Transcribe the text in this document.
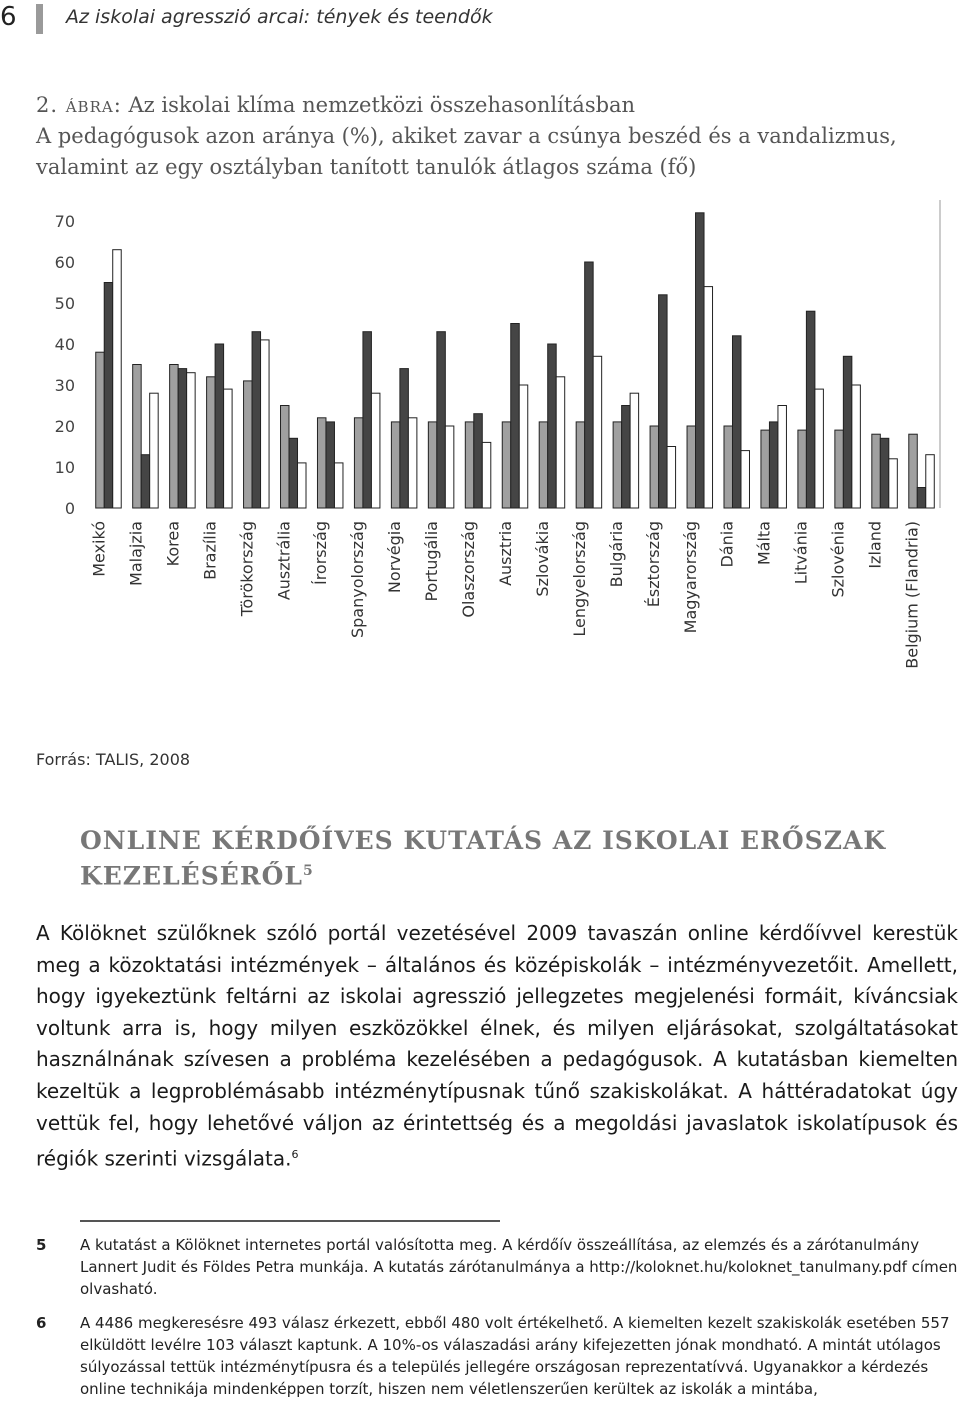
6	Az iskolai agresszió arcai: tények és teendők
2. ábra: Az iskolai klíma nemzetközi összehasonlításban
A pedagógusok azon aránya (%), akiket zavar a csúnya beszéd és a vandalizmus,
valamint az egy osztályban tanított tanulók átlagos száma (fő)
0
10
20
30
40
50
60
70
Mexikó Malajzia Korea Brazília Törökország Ausztrália Írország Spanyolország Norvégia Portugália Olaszország Ausztria Szlovákia Lengyelország Bulgária Észtország Magyarország Dánia Málta Litvánia Szlovénia Izland Belgium (Flandria)
Forrás: TALIS, 2008
ONLINE KÉRDŐÍVES KUTATÁS AZ ISKOLAI ERŐSZAK KEZELÉSÉRŐL$^5$
A Kölöknet szülőknek szóló portál vezetésével 2009 tavaszán online kérdőívvel kerestük meg a közoktatási intézmények – általános és középiskolák – intézményvezetőit. Amellett, hogy igyekeztünk feltárni az iskolai agresszió jellegzetes megjelenési formáit, kíváncsiak voltunk arra is, hogy milyen eszközökkel élnek, és milyen eljárásokat, szolgáltatásokat használnának szívesen a probléma kezelésében a pedagógusok. A kutatásban kiemelten kezeltük a legproblémásabb intézménytípusnak tűnő szakiskolákat. A háttéradatokat úgy vettük fel, hogy lehetővé váljon az érintettség és a megoldási javaslatok iskolatípusok és régiók szerinti vizsgálata.$^6$
5 A kutatást a Kölöknet internetes portál valósította meg. A kérdőív összeállítása, az elemzés és a zárótanulmány Lannert Judit és Földes Petra munkája. A kutatás zárótanulmánya a http://koloknet.hu/koloknet_tanulmany.pdf címen olvasható.
6 A 4486 megkeresésre 493 válasz érkezett, ebből 480 volt értékelhető. A kiemelten kezelt szakiskolák esetében 557 elküldött levélre 103 választ kaptunk. A 10%-os válaszadási arány kifejezetten jónak mondható. A mintát utólagos súlyozással tettük intézménytípusra és a település jellegére országosan reprezentatívvá. Ugyanakkor a kérdezés online technikája mindenképpen torzít, hiszen nem véletlenszerűen kerültek az iskolák a mintába,
